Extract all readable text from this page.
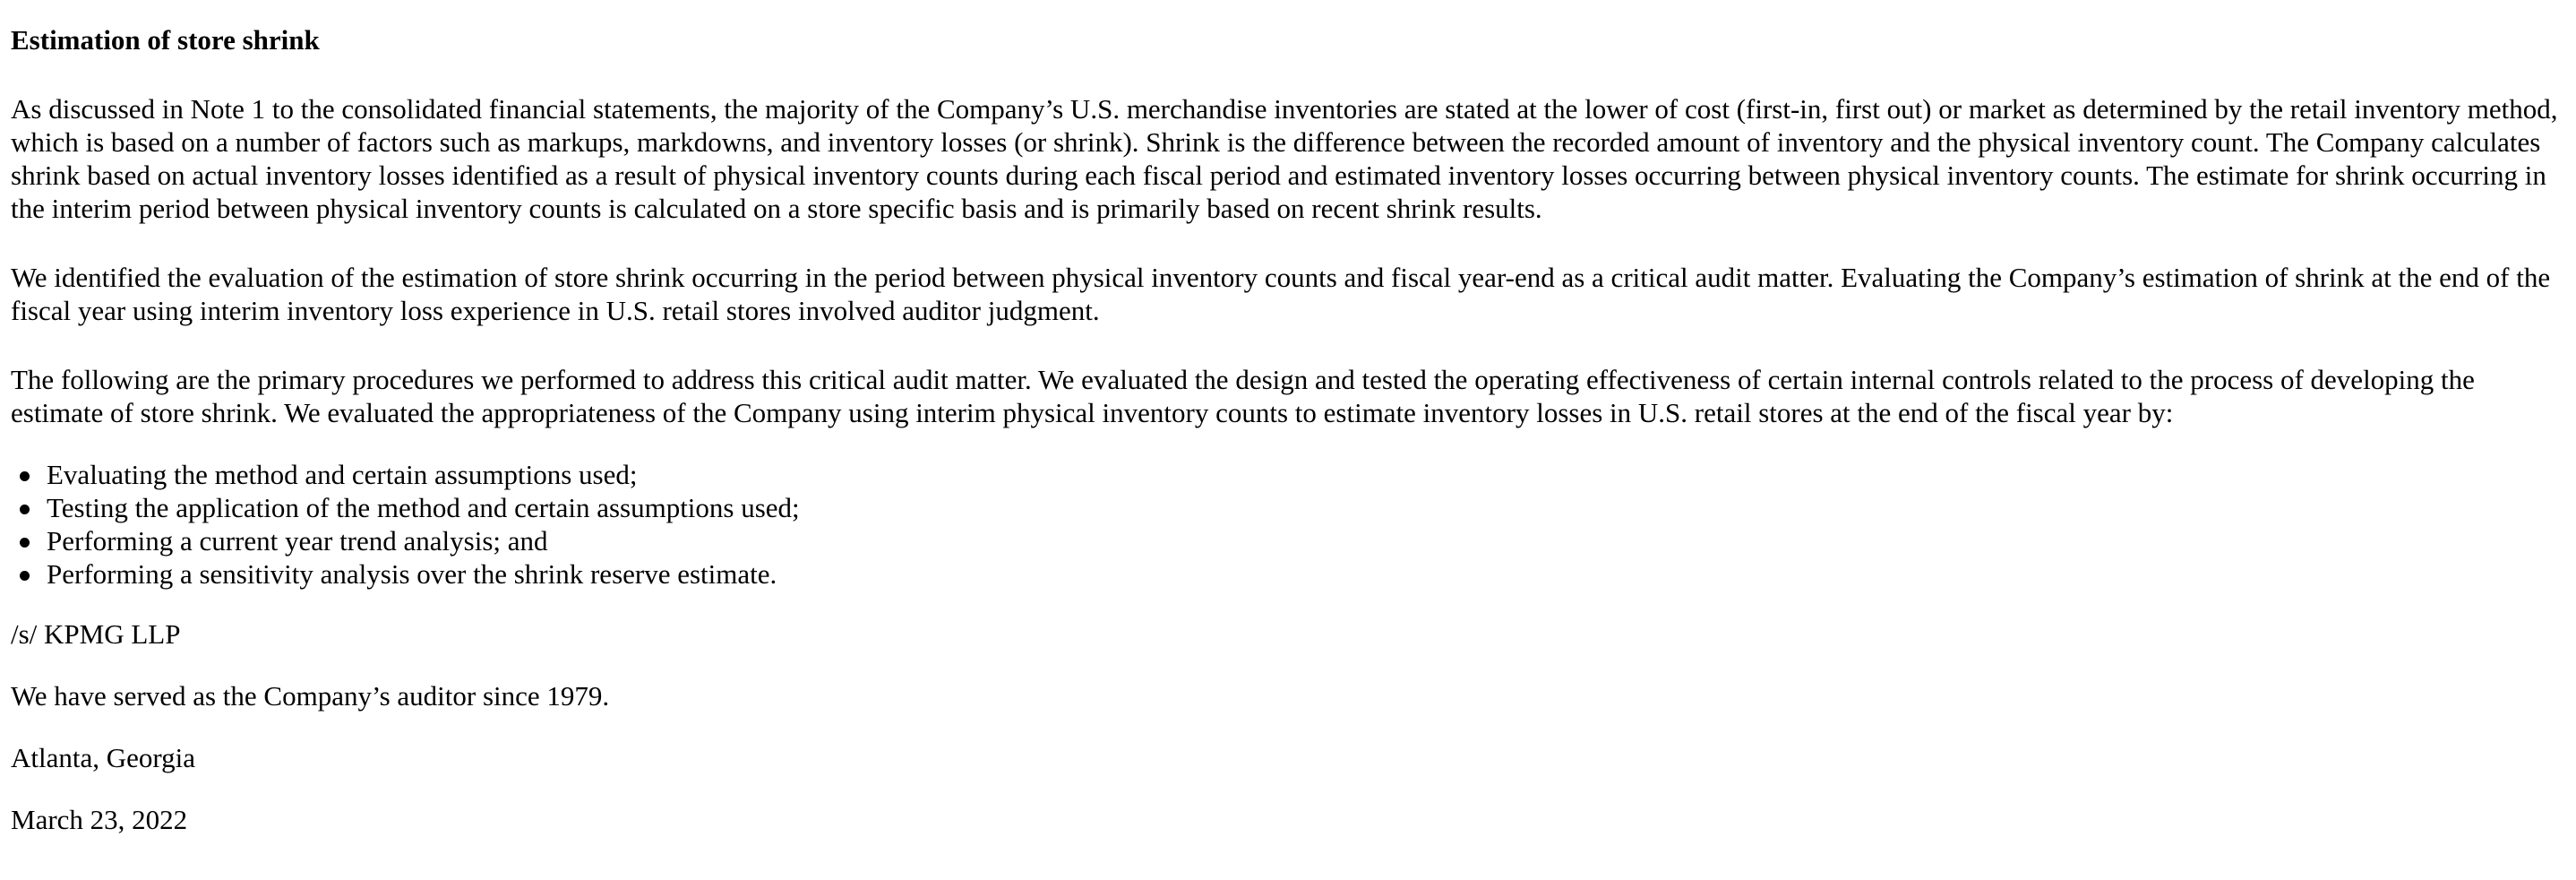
Estimation of store shrink

As discussed in Note 1 to the consolidated financial statements, the majority of the Company’s U.S. merchandise inventories are stated at the lower of cost (first-in, first out) or market as determined by the retail inventory method, which is based on a number of factors such as markups, markdowns, and inventory losses (or shrink). Shrink is the difference between the recorded amount of inventory and the physical inventory count. The Company calculates shrink based on actual inventory losses identified as a result of physical inventory counts during each fiscal period and estimated inventory losses occurring between physical inventory counts. The estimate for shrink occurring in the interim period between physical inventory counts is calculated on a store specific basis and is primarily based on recent shrink results.

We identified the evaluation of the estimation of store shrink occurring in the period between physical inventory counts and fiscal year-end as a critical audit matter. Evaluating the Company’s estimation of shrink at the end of the fiscal year using interim inventory loss experience in U.S. retail stores involved auditor judgment.

The following are the primary procedures we performed to address this critical audit matter. We evaluated the design and tested the operating effectiveness of certain internal controls related to the process of developing the estimate of store shrink. We evaluated the appropriateness of the Company using interim physical inventory counts to estimate inventory losses in U.S. retail stores at the end of the fiscal year by:

Evaluating the method and certain assumptions used;
Testing the application of the method and certain assumptions used;
Performing a current year trend analysis; and
Performing a sensitivity analysis over the shrink reserve estimate.

/s/ KPMG LLP

We have served as the Company’s auditor since 1979.

Atlanta, Georgia

March 23, 2022
